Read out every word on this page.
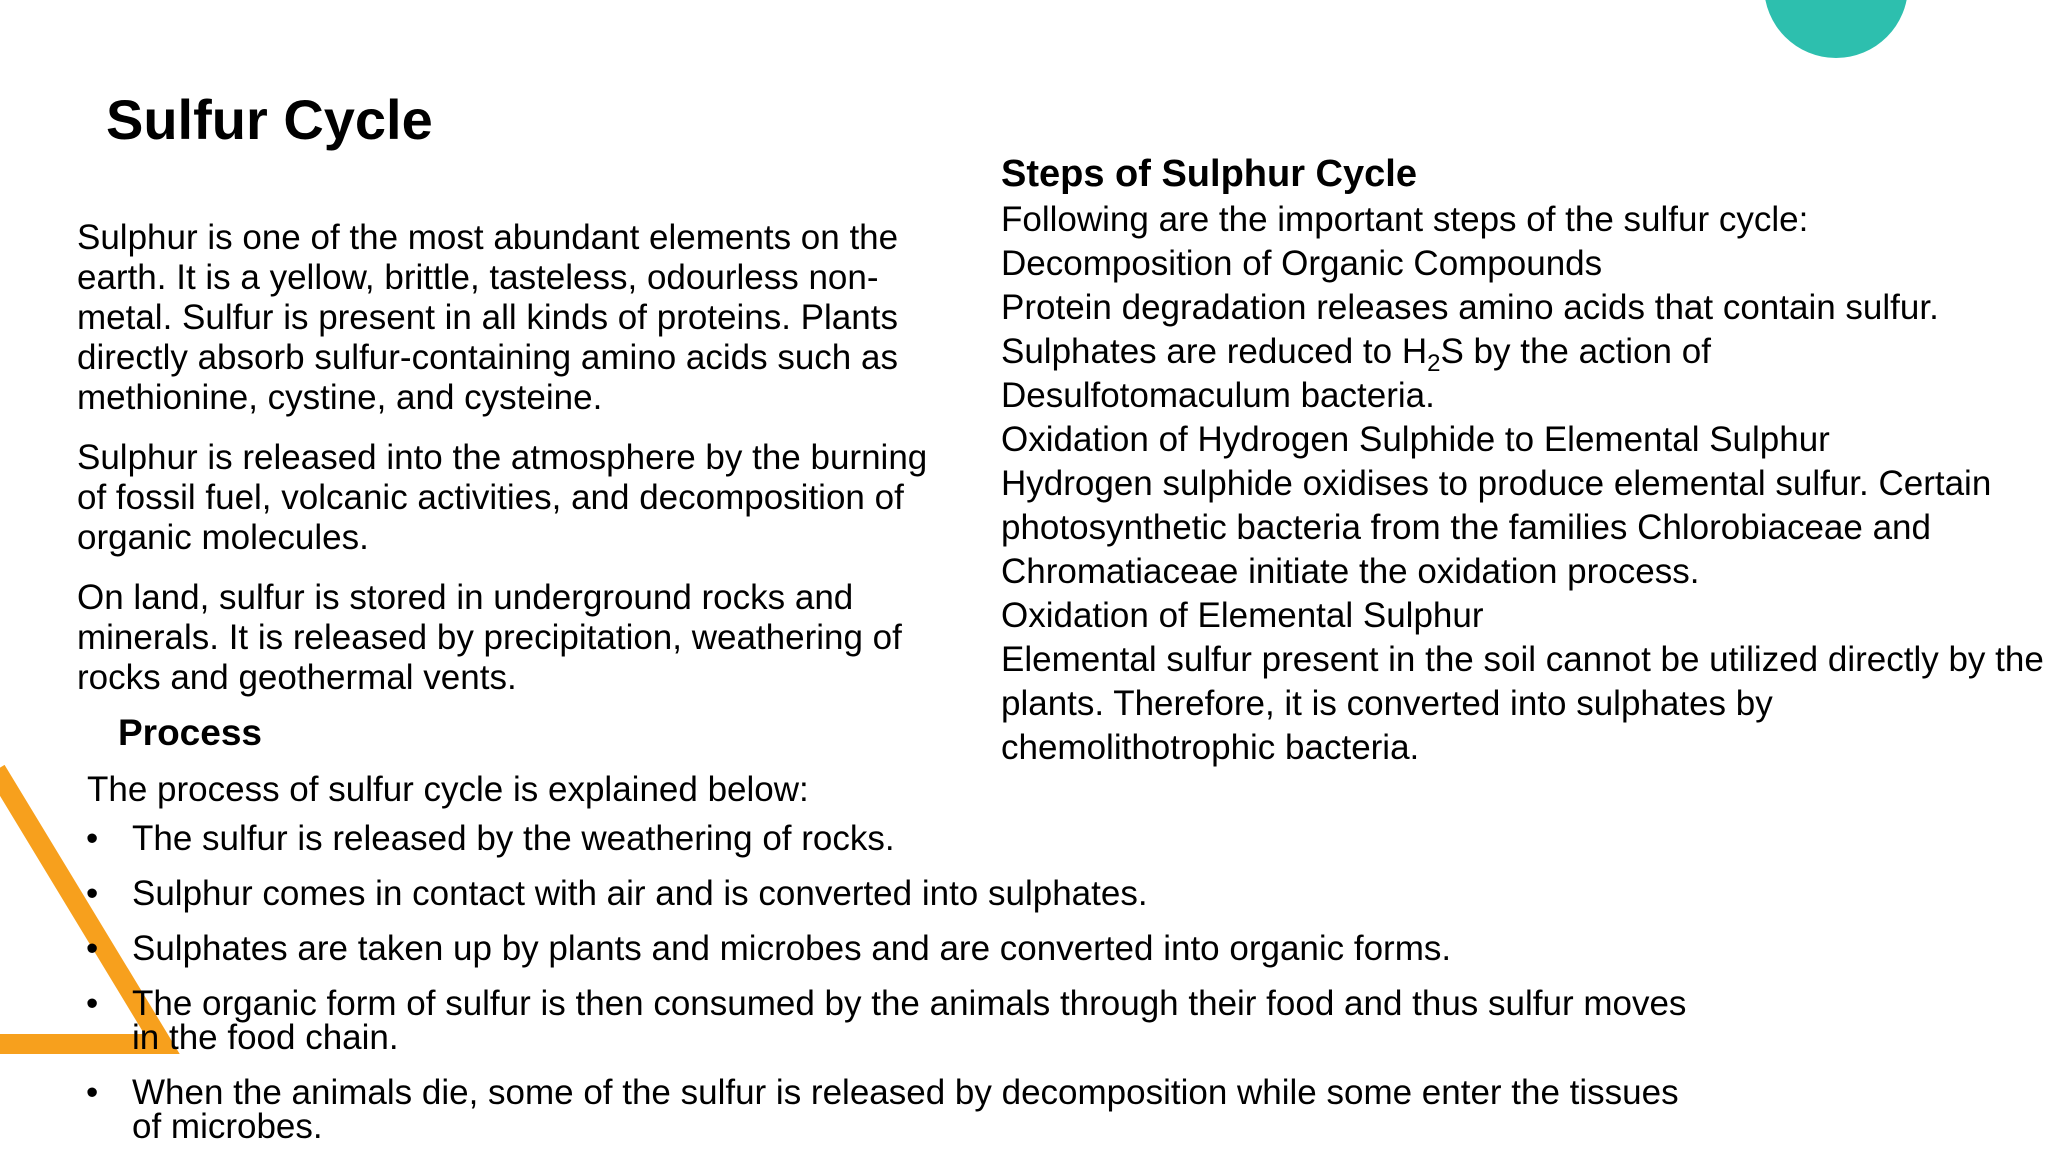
Sulfur Cycle

Sulphur is one of the most abundant elements on the earth. It is a yellow, brittle, tasteless, odourless non-metal. Sulfur is present in all kinds of proteins. Plants directly absorb sulfur-containing amino acids such as methionine, cystine, and cysteine.

Sulphur is released into the atmosphere by the burning of fossil fuel, volcanic activities, and decomposition of organic molecules.

On land, sulfur is stored in underground rocks and minerals. It is released by precipitation, weathering of rocks and geothermal vents.

Process

The process of sulfur cycle is explained below:

• The sulfur is released by the weathering of rocks.
• Sulphur comes in contact with air and is converted into sulphates.
• Sulphates are taken up by plants and microbes and are converted into organic forms.
• The organic form of sulfur is then consumed by the animals through their food and thus sulfur moves in the food chain.
• When the animals die, some of the sulfur is released by decomposition while some enter the tissues of microbes.
Steps of Sulphur Cycle

Following are the important steps of the sulfur cycle:

Decomposition of Organic Compounds

Protein degradation releases amino acids that contain sulfur.

Sulphates are reduced to $H_2S$ by the action of

Desulfotomaculum bacteria.

Oxidation of Hydrogen Sulphide to Elemental Sulphur

Hydrogen sulphide oxidises to produce elemental sulfur. Certain photosynthetic bacteria from the families Chlorobiaceae and Chromatiaceae initiate the oxidation process.

Oxidation of Elemental Sulphur

Elemental sulfur present in the soil cannot be utilized directly by the plants. Therefore, it is converted into sulphates by chemolithotrophic bacteria.
